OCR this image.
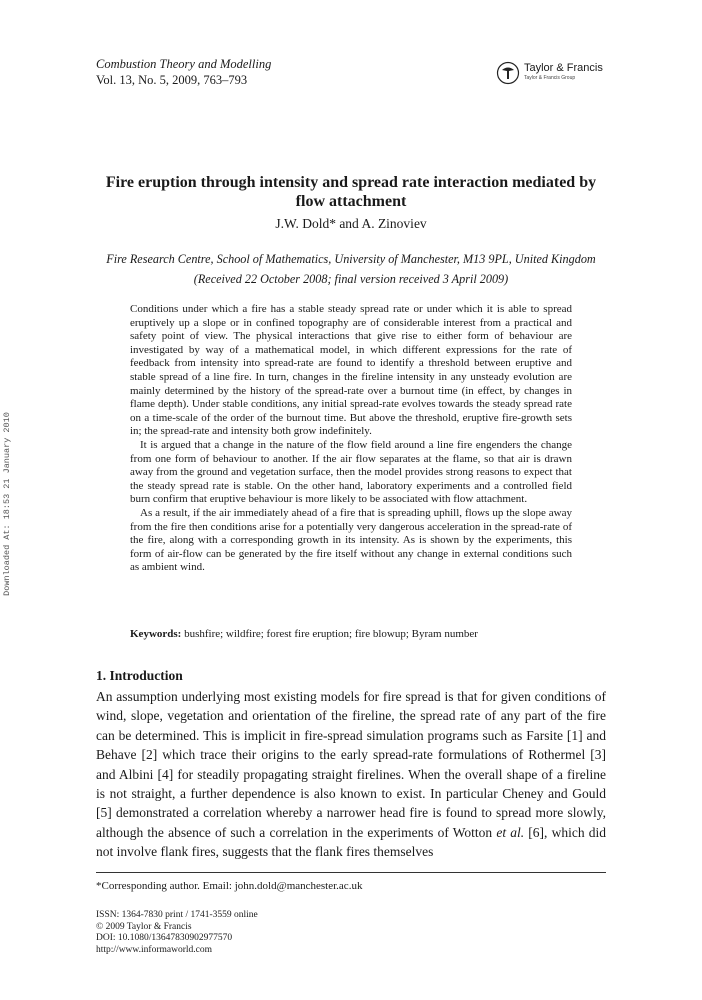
Combustion Theory and Modelling
Vol. 13, No. 5, 2009, 763–793
Taylor & Francis
Taylor & Francis Group
Downloaded At: 18:53 21 January 2010
Fire eruption through intensity and spread rate interaction mediated by flow attachment
J.W. Dold* and A. Zinoviev
Fire Research Centre, School of Mathematics, University of Manchester, M13 9PL, United Kingdom
(Received 22 October 2008; final version received 3 April 2009)

Conditions under which a fire has a stable steady spread rate or under which it is able to spread eruptively up a slope or in confined topography are of considerable interest from a practical and safety point of view. The physical interactions that give rise to either form of behaviour are investigated by way of a mathematical model, in which different expressions for the rate of feedback from intensity into spread-rate are found to identify a threshold between eruptive and stable spread of a line fire. In turn, changes in the fireline intensity in any unsteady evolution are mainly determined by the history of the spread-rate over a burnout time (in effect, by changes in flame depth). Under stable conditions, any initial spread-rate evolves towards the steady spread rate on a time-scale of the order of the burnout time. But above the threshold, eruptive fire-growth sets in; the spread-rate and intensity both grow indefinitely.

It is argued that a change in the nature of the flow field around a line fire engenders the change from one form of behaviour to another. If the air flow separates at the flame, so that air is drawn away from the ground and vegetation surface, then the model provides strong reasons to expect that the steady spread rate is stable. On the other hand, laboratory experiments and a controlled field burn confirm that eruptive behaviour is more likely to be associated with flow attachment.

As a result, if the air immediately ahead of a fire that is spreading uphill, flows up the slope away from the fire then conditions arise for a potentially very dangerous acceleration in the spread-rate of the fire, along with a corresponding growth in its intensity. As is shown by the experiments, this form of air-flow can be generated by the fire itself without any change in external conditions such as ambient wind.

Keywords: bushfire; wildfire; forest fire eruption; fire blowup; Byram number
1. Introduction

An assumption underlying most existing models for fire spread is that for given conditions of wind, slope, vegetation and orientation of the fireline, the spread rate of any part of the fire can be determined. This is implicit in fire-spread simulation programs such as Farsite [1] and Behave [2] which trace their origins to the early spread-rate formulations of Rothermel [3] and Albini [4] for steadily propagating straight firelines. When the overall shape of a fireline is not straight, a further dependence is also known to exist. In particular Cheney and Gould [5] demonstrated a correlation whereby a narrower head fire is found to spread more slowly, although the absence of such a correlation in the experiments of Wotton et al. [6], which did not involve flank fires, suggests that the flank fires themselves

*Corresponding author. Email: john.dold@manchester.ac.uk
ISSN: 1364-7830 print / 1741-3559 online
© 2009 Taylor & Francis
DOI: 10.1080/13647830902977570
http://www.informaworld.com
